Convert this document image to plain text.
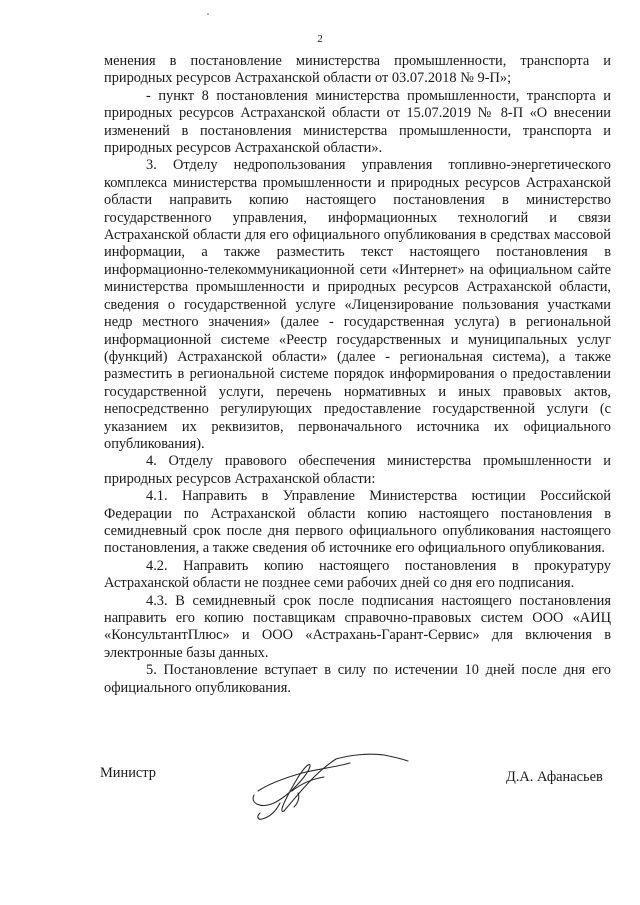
2

менения в постановление министерства промышленности, транспорта и природных ресурсов Астраханской области от 03.07.2018 № 9-П»;

- пункт 8 постановления министерства промышленности, транспорта и природных ресурсов Астраханской области от 15.07.2019 № 8-П «О внесении изменений в постановления министерства промышленности, транспорта и природных ресурсов Астраханской области».

3. Отделу недропользования управления топливно-энергетического комплекса министерства промышленности и природных ресурсов Астраханской области направить копию настоящего постановления в министерство государственного управления, информационных технологий и связи Астраханской области для его официального опубликования в средствах массовой информации, а также разместить текст настоящего постановления в информационно-телекоммуникационной сети «Интернет» на официальном сайте министерства промышленности и природных ресурсов Астраханской области, сведения о государственной услуге «Лицензирование пользования участками недр местного значения» (далее - государственная услуга) в региональной информационной системе «Реестр государственных и муниципальных услуг (функций) Астраханской области» (далее - региональная система), а также разместить в региональной системе порядок информирования о предоставлении государственной услуги, перечень нормативных и иных правовых актов, непосредственно регулирующих предоставление государственной услуги (с указанием их реквизитов, первоначального источника их официального опубликования).

4. Отделу правового обеспечения министерства промышленности и природных ресурсов Астраханской области:

4.1. Направить в Управление Министерства юстиции Российской Федерации по Астраханской области копию настоящего постановления в семидневный срок после дня первого официального опубликования настоящего постановления, а также сведения об источнике его официального опубликования.

4.2. Направить копию настоящего постановления в прокуратуру Астраханской области не позднее семи рабочих дней со дня его подписания.

4.3. В семидневный срок после подписания настоящего постановления направить его копию поставщикам справочно-правовых систем ООО «АИЦ «КонсультантПлюс» и ООО «Астрахань-Гарант-Сервис» для включения в электронные базы данных.

5. Постановление вступает в силу по истечении 10 дней после дня его официального опубликования.

Министр	Д.А. Афанасьев
